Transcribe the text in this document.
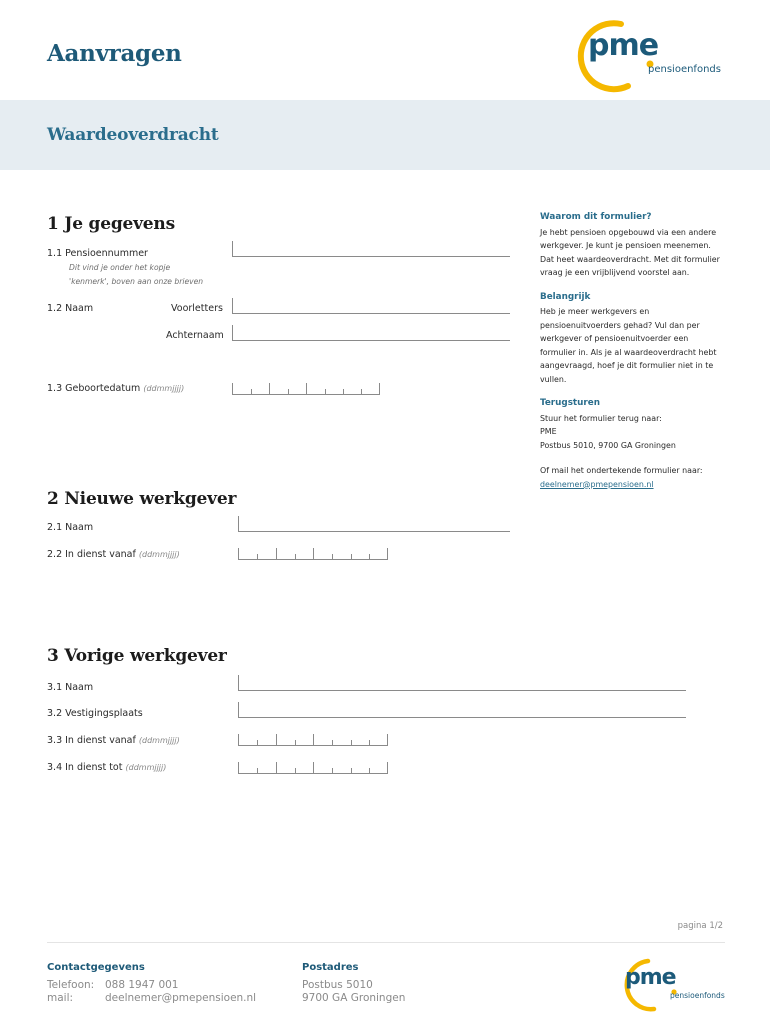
Aanvragen	pme
pensioenfonds
Waardeoverdracht
1 Je gegevens
1.1 Pensioennummer
Dit vind je onder het kopje
'kenmerk', boven aan onze brieven
1.2 Naam	Voorletters
Achternaam
1.3 Geboortedatum (ddmmjjjj)
Waarom dit formulier?
Je hebt pensioen opgebouwd via een andere
werkgever. Je kunt je pensioen meenemen.
Dat heet waardeoverdracht. Met dit formulier
vraag je een vrijblijvend voorstel aan.
Belangrijk
Heb je meer werkgevers en
pensioenuitvoerders gehad? Vul dan per
werkgever of pensioenuitvoerder een
formulier in. Als je al waardeoverdracht hebt
aangevraagd, hoef je dit formulier niet in te
vullen.
Terugsturen
Stuur het formulier terug naar:
PME
Postbus 5010, 9700 GA Groningen
Of mail het ondertekende formulier naar:
deelnemer@pmepensioen.nl
2 Nieuwe werkgever
2.1 Naam
2.2 In dienst vanaf (ddmmjjjj)
3 Vorige werkgever
3.1 Naam
3.2 Vestigingsplaats
3.3 In dienst vanaf (ddmmjjjj)
3.4 In dienst tot (ddmmjjjj)
pagina 1/2
Contactgegevens
Telefoon: 088 1947 001
mail:	deelnemer@pmepensioen.nl
Postadres
Postbus 5010
9700 GA Groningen
pme
pensioenfonds
